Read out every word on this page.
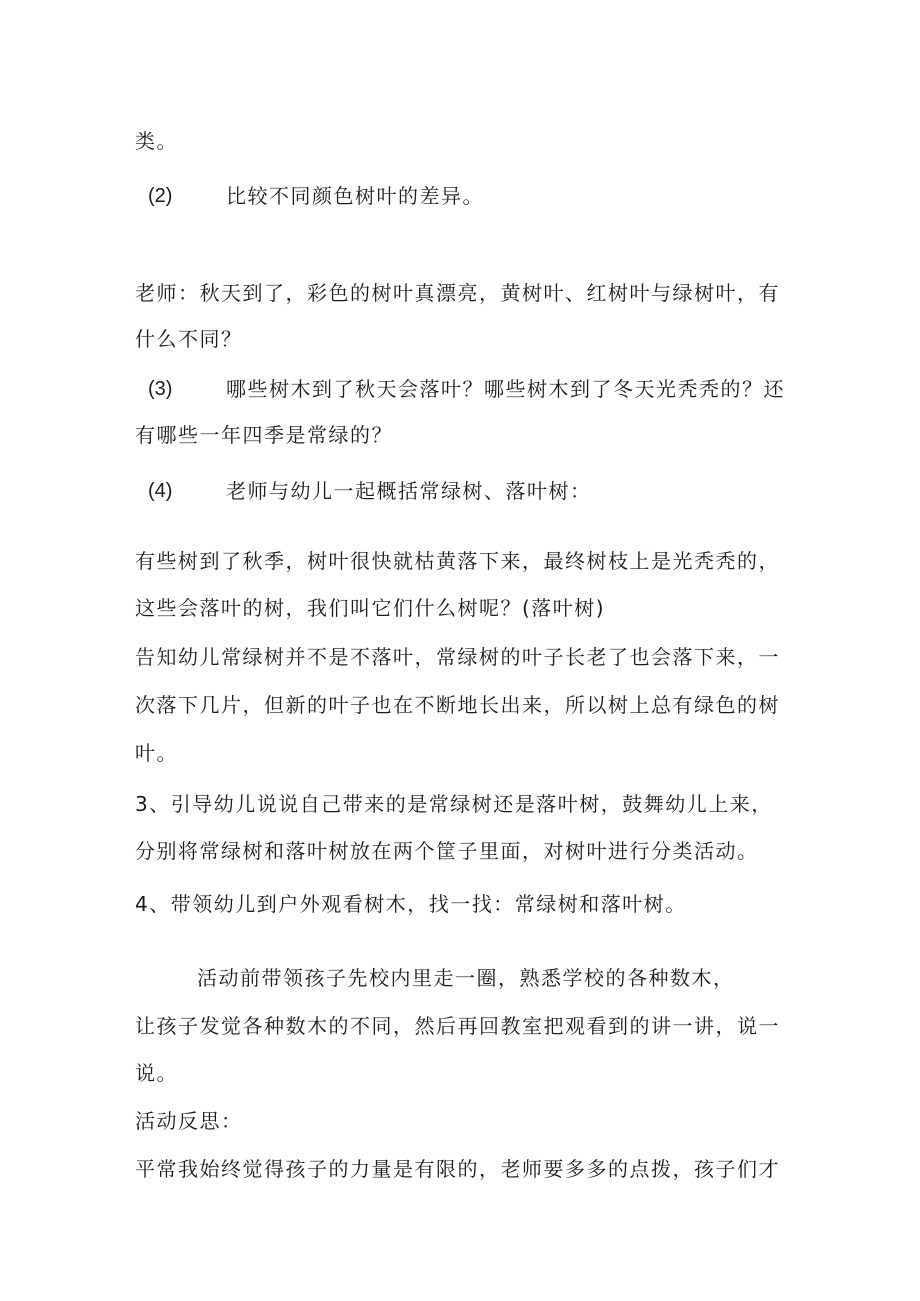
类。
(2)	比较不同颜色树叶的差异。
老师：秋天到了，彩色的树叶真漂亮，黄树叶、红树叶与绿树叶，有
什么不同？
(3)	哪些树木到了秋天会落叶？哪些树木到了冬天光秃秃的？还
有哪些一年四季是常绿的？
(4)	老师与幼儿一起概括常绿树、落叶树：
有些树到了秋季，树叶很快就枯黄落下来，最终树枝上是光秃秃的，
这些会落叶的树，我们叫它们什么树呢？(落叶树)
告知幼儿常绿树并不是不落叶，常绿树的叶子长老了也会落下来，一
次落下几片，但新的叶子也在不断地长出来，所以树上总有绿色的树
叶。
3、引导幼儿说说自己带来的是常绿树还是落叶树，鼓舞幼儿上来，
分别将常绿树和落叶树放在两个筐子里面，对树叶进行分类活动。
4、带领幼儿到户外观看树木，找一找：常绿树和落叶树。
活动前带领孩子先校内里走一圈，熟悉学校的各种数木，
让孩子发觉各种数木的不同，然后再回教室把观看到的讲一讲，说一
说。
活动反思：
平常我始终觉得孩子的力量是有限的，老师要多多的点拨，孩子们才
